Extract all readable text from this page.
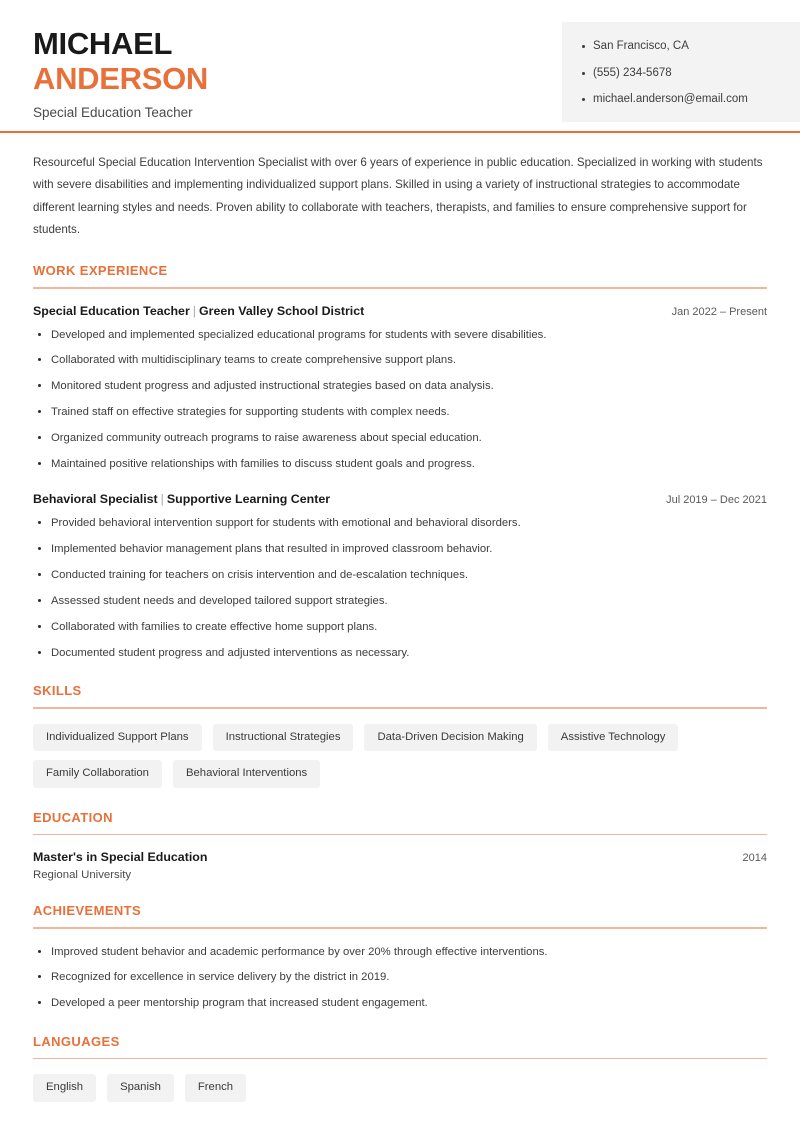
MICHAEL
ANDERSON
Special Education Teacher
San Francisco, CA
(555) 234-5678
michael.anderson@email.com

Resourceful Special Education Intervention Specialist with over 6 years of experience in public education. Specialized in working with students with severe disabilities and implementing individualized support plans. Skilled in using a variety of instructional strategies to accommodate different learning styles and needs. Proven ability to collaborate with teachers, therapists, and families to ensure comprehensive support for students.

WORK EXPERIENCE
Special Education Teacher | Green Valley School District	Jan 2022 – Present
Developed and implemented specialized educational programs for students with severe disabilities.
Collaborated with multidisciplinary teams to create comprehensive support plans.
Monitored student progress and adjusted instructional strategies based on data analysis.
Trained staff on effective strategies for supporting students with complex needs.
Organized community outreach programs to raise awareness about special education.
Maintained positive relationships with families to discuss student goals and progress.
Behavioral Specialist | Supportive Learning Center	Jul 2019 – Dec 2021
Provided behavioral intervention support for students with emotional and behavioral disorders.
Implemented behavior management plans that resulted in improved classroom behavior.
Conducted training for teachers on crisis intervention and de-escalation techniques.
Assessed student needs and developed tailored support strategies.
Collaborated with families to create effective home support plans.
Documented student progress and adjusted interventions as necessary.
SKILLS
Individualized Support Plans	Instructional Strategies	Data-Driven Decision Making	Assistive Technology
Family Collaboration	Behavioral Interventions
EDUCATION
Master's in Special Education	2014
Regional University
ACHIEVEMENTS
Improved student behavior and academic performance by over 20% through effective interventions.
Recognized for excellence in service delivery by the district in 2019.
Developed a peer mentorship program that increased student engagement.
LANGUAGES
English	Spanish	French
